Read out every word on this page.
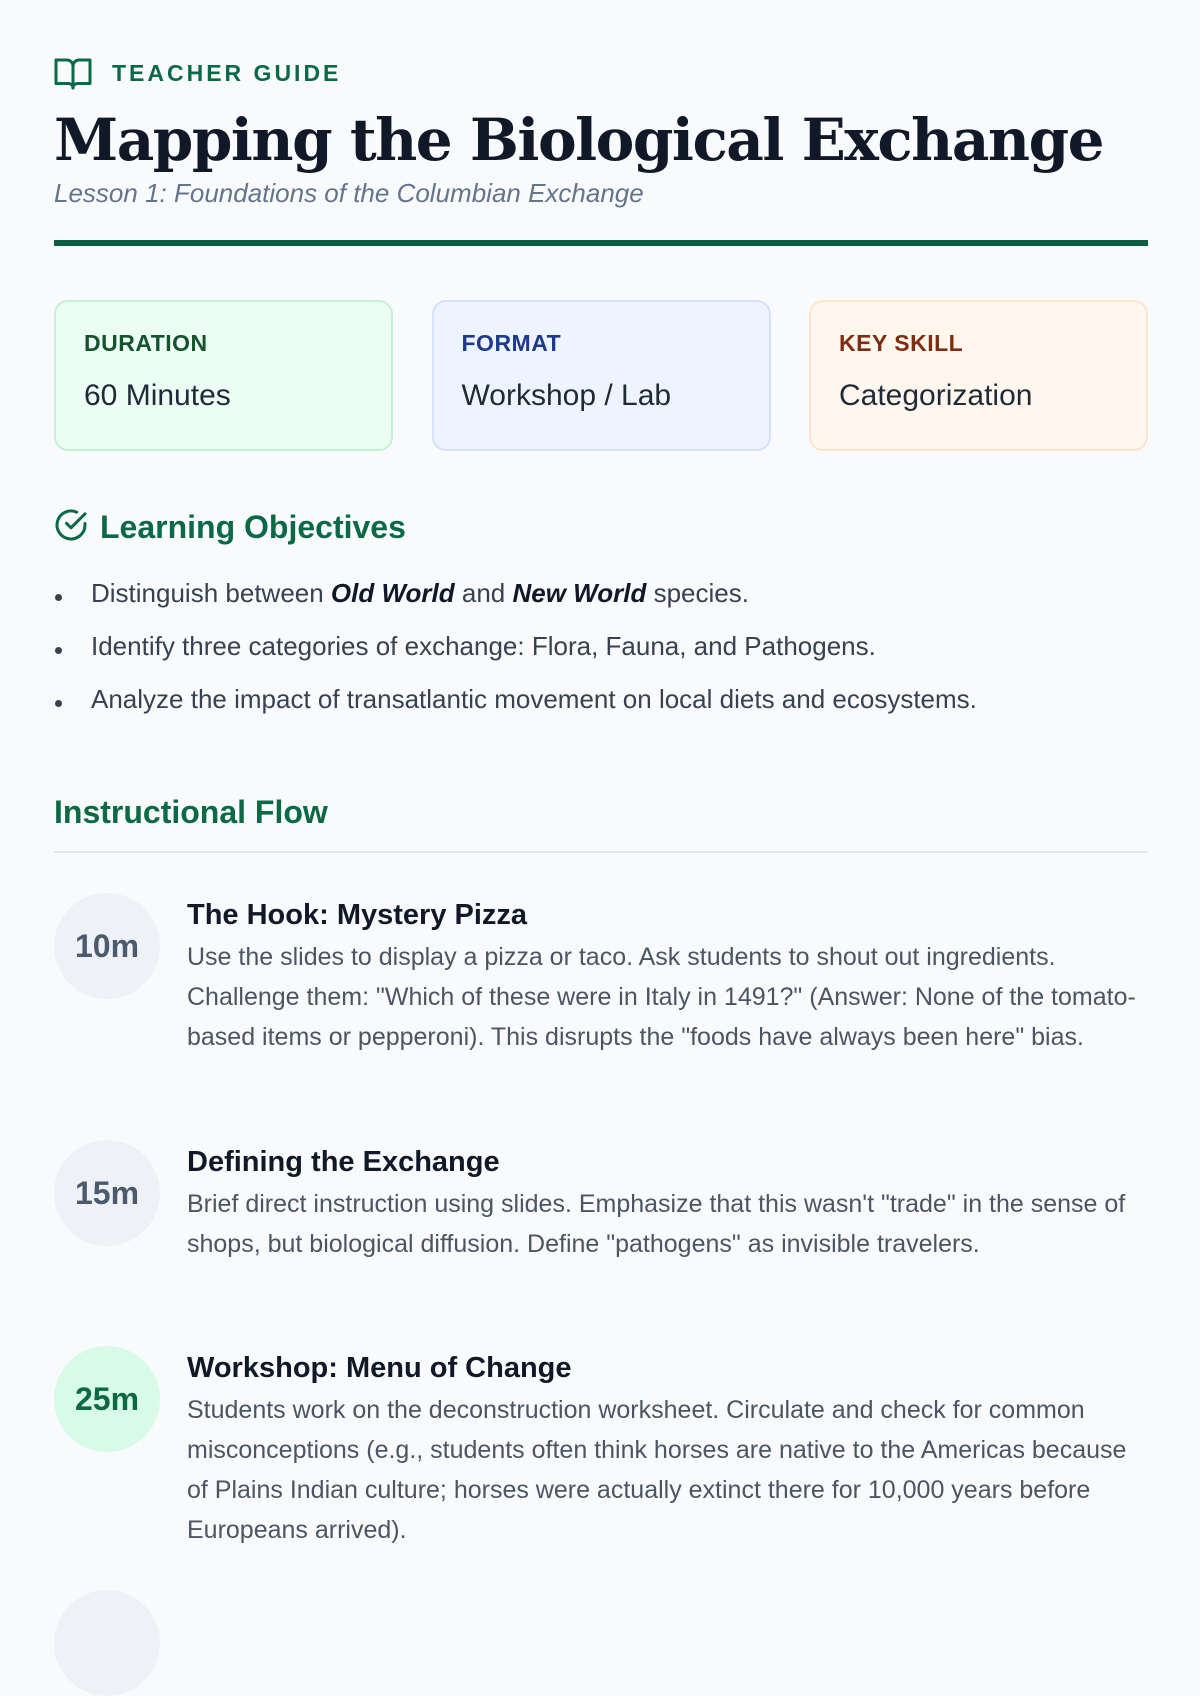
TEACHER GUIDE
Mapping the Biological Exchange

Lesson 1: Foundations of the Columbian Exchange

DURATION
60 Minutes
FORMAT
Workshop / Lab
KEY SKILL
Categorization
Learning Objectives
Distinguish between Old World and New World species.
Identify three categories of exchange: Flora, Fauna, and Pathogens.
Analyze the impact of transatlantic movement on local diets and ecosystems.
Instructional Flow
10m
The Hook: Mystery Pizza

Use the slides to display a pizza or taco. Ask students to shout out ingredients. Challenge them: "Which of these were in Italy in 1491?" (Answer: None of the tomato-based items or pepperoni). This disrupts the "foods have always been here" bias.

15m
Defining the Exchange

Brief direct instruction using slides. Emphasize that this wasn't "trade" in the sense of shops, but biological diffusion. Define "pathogens" as invisible travelers.

25m
Workshop: Menu of Change

Students work on the deconstruction worksheet. Circulate and check for common misconceptions (e.g., students often think horses are native to the Americas because of Plains Indian culture; horses were actually extinct there for 10,000 years before Europeans arrived).
